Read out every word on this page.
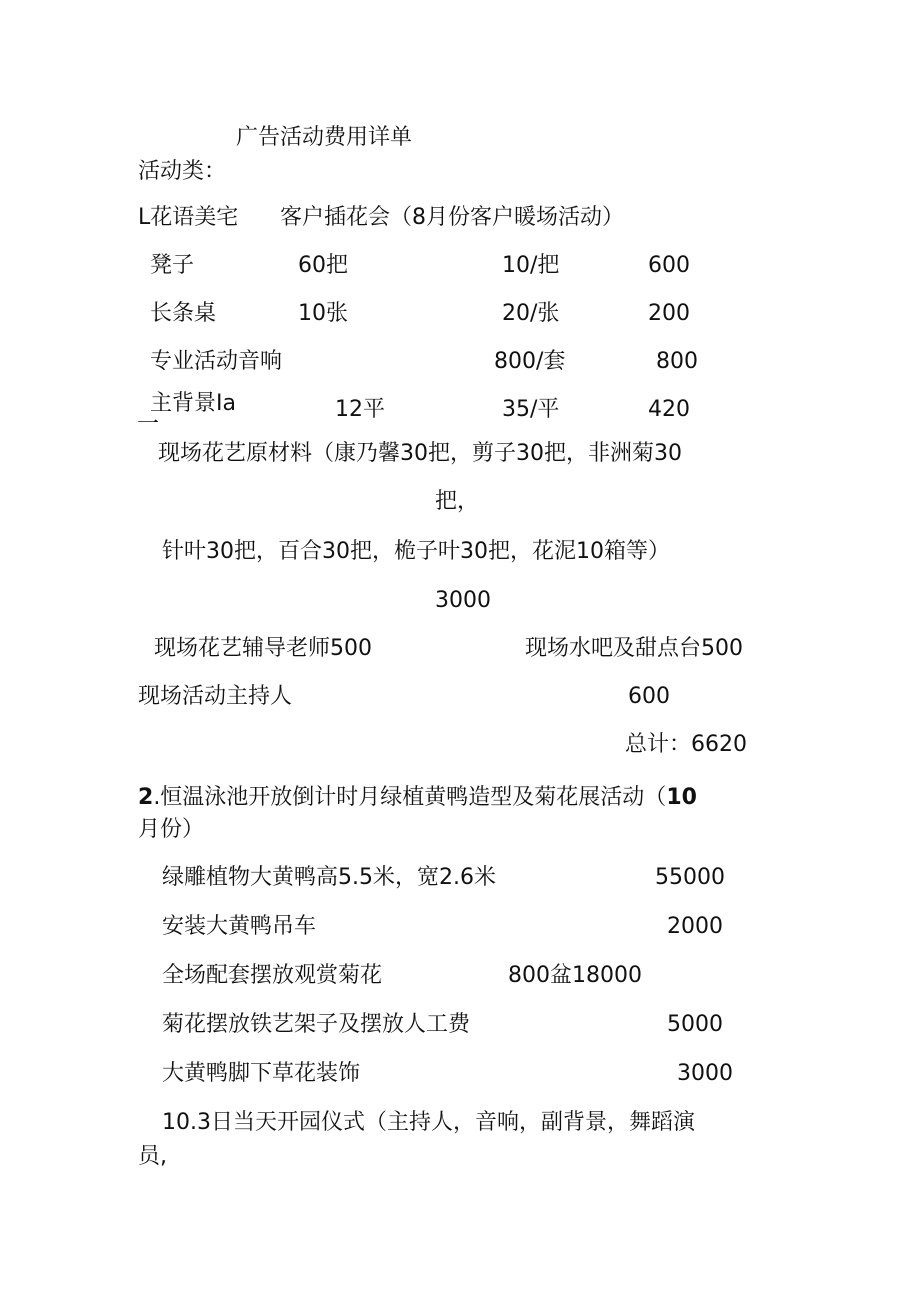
广告活动费用详单
活动类：
L花语美宅 客户插花会（8月份客户暖场活动）
凳子	60把	10/把	600
长条桌	10张	20/张	200
专业活动音响	800/套	800
主背景Ia	12平	35/平	420
一
现场花艺原材料（康乃馨30把，剪子30把，非洲菊30
把，
针叶30把，百合30把，桅子叶30把，花泥10箱等）
3000
现场花艺辅导老师500	现场水吧及甜点台500
现场活动主持人	600
总计：6620
2.恒温泳池开放倒计时月绿植黄鸭造型及菊花展活动（10
月份）
绿雕植物大黄鸭高5.5米，宽2.6米	55000
安装大黄鸭吊车	2000
全场配套摆放观赏菊花	800盆18000
菊花摆放铁艺架子及摆放人工费	5000
大黄鸭脚下草花装饰	3000
10.3日当天开园仪式（主持人，音响，副背景，舞蹈演
员,
